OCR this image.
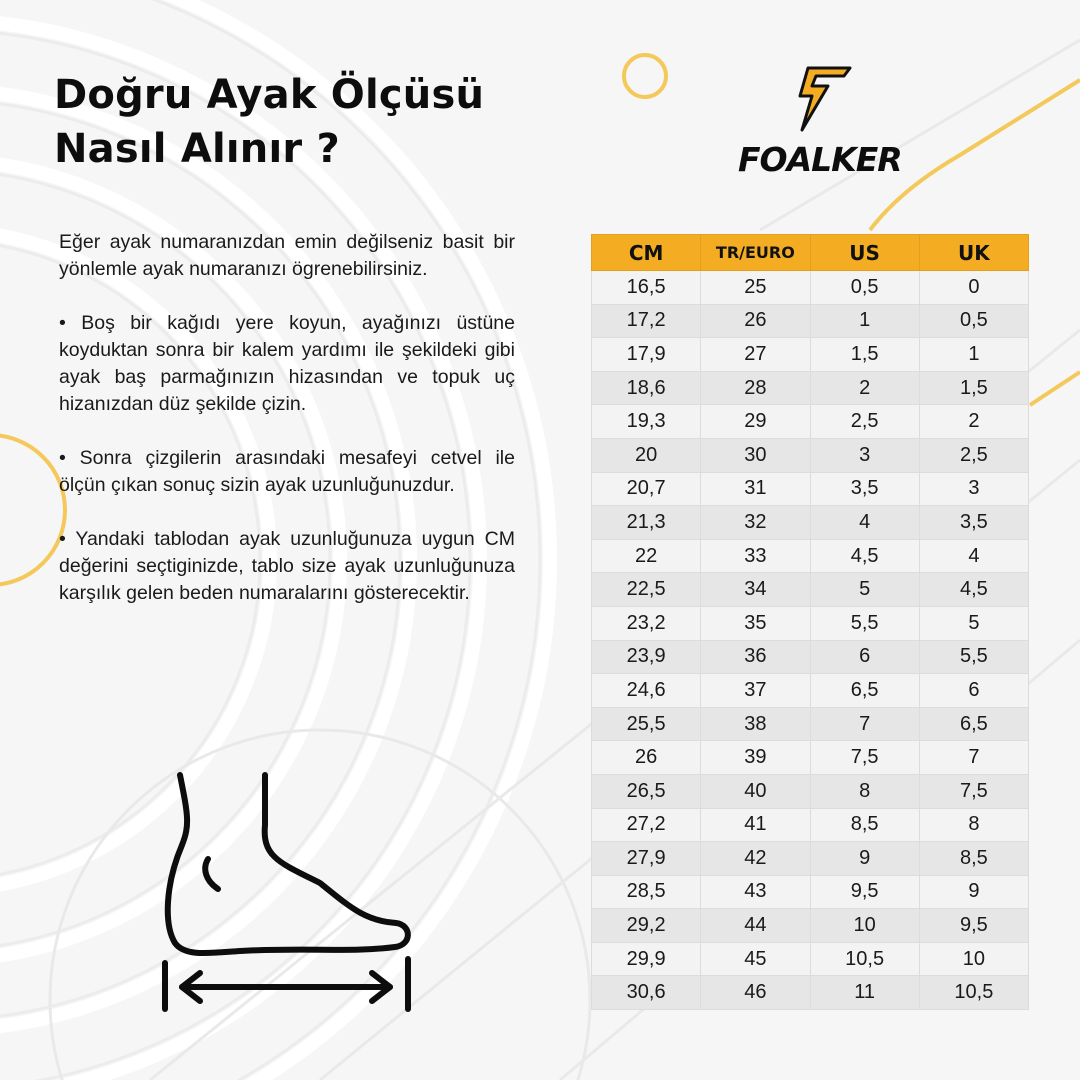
Doğru Ayak Ölçüsü
Nasıl Alınır ?

Eğer ayak numaranızdan emin değilseniz basit bir yönlemle ayak numaranızı ögrenebilirsiniz.

• Boş bir kağıdı yere koyun, ayağınızı üstüne koyduktan sonra bir kalem yardımı ile şekildeki gibi ayak baş parmağınızın hizasından ve topuk uç hizanızdan düz şekilde çizin.

• Sonra çizgilerin arasındaki mesafeyi cetvel ile ölçün çıkan sonuç sizin ayak uzunluğunuzdur.

• Yandaki tablodan ayak uzunluğunuza uygun CM değerini seçtiginizde, tablo size ayak uzunluğunuza karşılık gelen beden numaralarını gösterecektir.

FOALKER
CM	TR/EURO	US	UK
16,5	25	0,5	0
17,2	26	1	0,5
17,9	27	1,5	1
18,6	28	2	1,5
19,3	29	2,5	2
20	30	3	2,5
20,7	31	3,5	3
21,3	32	4	3,5
22	33	4,5	4
22,5	34	5	4,5
23,2	35	5,5	5
23,9	36	6	5,5
24,6	37	6,5	6
25,5	38	7	6,5
26	39	7,5	7
26,5	40	8	7,5
27,2	41	8,5	8
27,9	42	9	8,5
28,5	43	9,5	9
29,2	44	10	9,5
29,9	45	10,5	10
30,6	46	11	10,5
